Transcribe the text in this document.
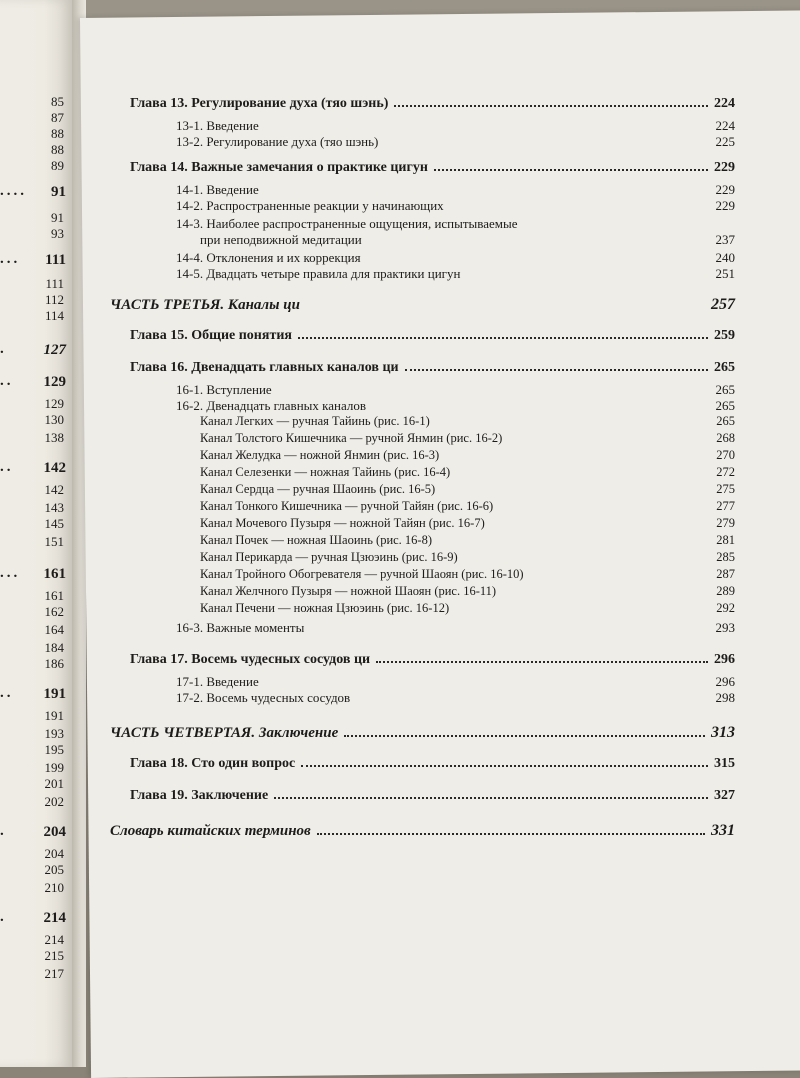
85
87
88
88
89
....	91
91
93
...	111
111
112
114
.	127
..	129
129
130
138
..	142
142
143
145
151
...	161
161
162
164
184
186
..	191
191
193
195
199
201
202
.	204
204
205
210
.	214
214
215
217
Глава 13. Регулирование духа (тяо шэнь)	224
13-1. Введение	224
13-2. Регулирование духа (тяо шэнь)	225
Глава 14. Важные замечания о практике цигун	229
14-1. Введение	229
14-2. Распространенные реакции у начинающих	229
14-3. Наиболее распространенные ощущения, испытываемые
при неподвижной медитации	237
14-4. Отклонения и их коррекция	240
14-5. Двадцать четыре правила для практики цигун	251
ЧАСТЬ ТРЕТЬЯ. Каналы ци	257
Глава 15. Общие понятия	259
Глава 16. Двенадцать главных каналов ци	265
16-1. Вступление	265
16-2. Двенадцать главных каналов	265
Канал Легких — ручная Тайинь (рис. 16-1)	265
Канал Толстого Кишечника — ручной Янмин (рис. 16-2)	268
Канал Желудка — ножной Янмин (рис. 16-3)	270
Канал Селезенки — ножная Тайинь (рис. 16-4)	272
Канал Сердца — ручная Шаоинь (рис. 16-5)	275
Канал Тонкого Кишечника — ручной Тайян (рис. 16-6)	277
Канал Мочевого Пузыря — ножной Тайян (рис. 16-7)	279
Канал Почек — ножная Шаоинь (рис. 16-8)	281
Канал Перикарда — ручная Цзюэинь (рис. 16-9)	285
Канал Тройного Обогревателя — ручной Шаоян (рис. 16-10)	287
Канал Желчного Пузыря — ножной Шаоян (рис. 16-11)	289
Канал Печени — ножная Цзюэинь (рис. 16-12)	292
16-3. Важные моменты	293
Глава 17. Восемь чудесных сосудов ци	296
17-1. Введение	296
17-2. Восемь чудесных сосудов	298
ЧАСТЬ ЧЕТВЕРТАЯ. Заключение	313
Глава 18. Сто один вопрос	315
Глава 19. Заключение	327
Словарь китайских терминов	331
